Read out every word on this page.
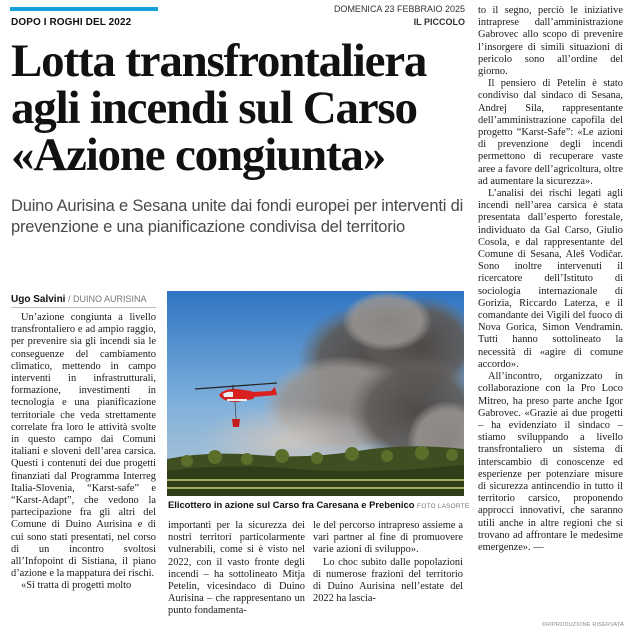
DOPO I ROGHI DEL 2022
DOMENICA 23 FEBBRAIO 2025
IL PICCOLO
Lotta transfrontaliera
agli incendi sul Carso
«Azione congiunta»

Duino Aurisina e Sesana unite dai fondi europei per interventi di prevenzione e una pianificazione condivisa del territorio

Ugo Salvini / DUINO AURISINA

Un’azione congiunta a livello transfrontaliero e ad ampio raggio, per prevenire sia gli incendi sia le conseguenze del cambiamento climatico, mettendo in campo interventi in infrastrutturali, formazione, investimenti in tecnologia e una pianificazione territoriale che veda strettamente correlate fra loro le attività svolte in questo campo dai Comuni italiani e sloveni dell’area carsica. Questi i contenuti dei due progetti finanziati dal Programma Interreg Italia-Slovenia, “Karst-safe” e “Karst-Adapt”, che vedono la partecipazione fra gli altri del Comune di Duino Aurisina e di cui sono stati presentati, nel corso di un incontro svoltosi all’Infopoint di Sistiana, il piano d’azione e la mappatura dei rischi.

«Si tratta di progetti molto

Elicottero in azione sul Carso fra Caresana e Prebenico FOTO LASORTE

importanti per la sicurezza dei nostri territori particolarmente vulnerabili, come si è visto nel 2022, con il vasto fronte degli incendi – ha sottolineato Mitja Petelin, vicesindaco di Duino Aurisina – che rappresentano un punto fondamenta-

le del percorso intrapreso assieme a vari partner al fine di promuovere varie azioni di sviluppo».

Lo choc subito dalle popolazioni di numerose frazioni del territorio di Duino Aurisina nell’estate del 2022 ha lascia-

to il segno, perciò le iniziative intraprese dall’amministrazione Gabrovec allo scopo di prevenire l’insorgere di simili situazioni di pericolo sono all’ordine del giorno.

Il pensiero di Petelin è stato condiviso dal sindaco di Sesana, Andrej Sila, rappresentante dell’amministrazione capofila del progetto “Karst-Safe”: «Le azioni di prevenzione degli incendi permettono di recuperare vaste aree a favore dell’agricoltura, oltre ad aumentare la sicurezza».

L’analisi dei rischi legati agli incendi nell’area carsica è stata presentata dall’esperto forestale, individuato da Gal Carso, Giulio Cosola, e dal rappresentante del Comune di Sesana, Aleš Vodičar. Sono inoltre intervenuti il ricercatore dell’Istituto di sociologia internazionale di Gorizia, Riccardo Laterza, e il comandante dei Vigili del fuoco di Nova Gorica, Simon Vendramin. Tutti hanno sottolineato la necessità di «agire di comune accordo».

All’incontro, organizzato in collaborazione con la Pro Loco Mitreo, ha preso parte anche Igor Gabrovec. «Grazie ai due progetti – ha evidenziato il sindaco – stiamo sviluppando a livello transfrontaliero un sistema di interscambio di conoscenze ed esperienze per potenziare misure di sicurezza antincendio in tutto il territorio carsico, proponendo approcci innovativi, che saranno utili anche in altre regioni che si trovano ad affrontare le medesime emergenze». —

©RIPRODUZIONE RISERVATA
